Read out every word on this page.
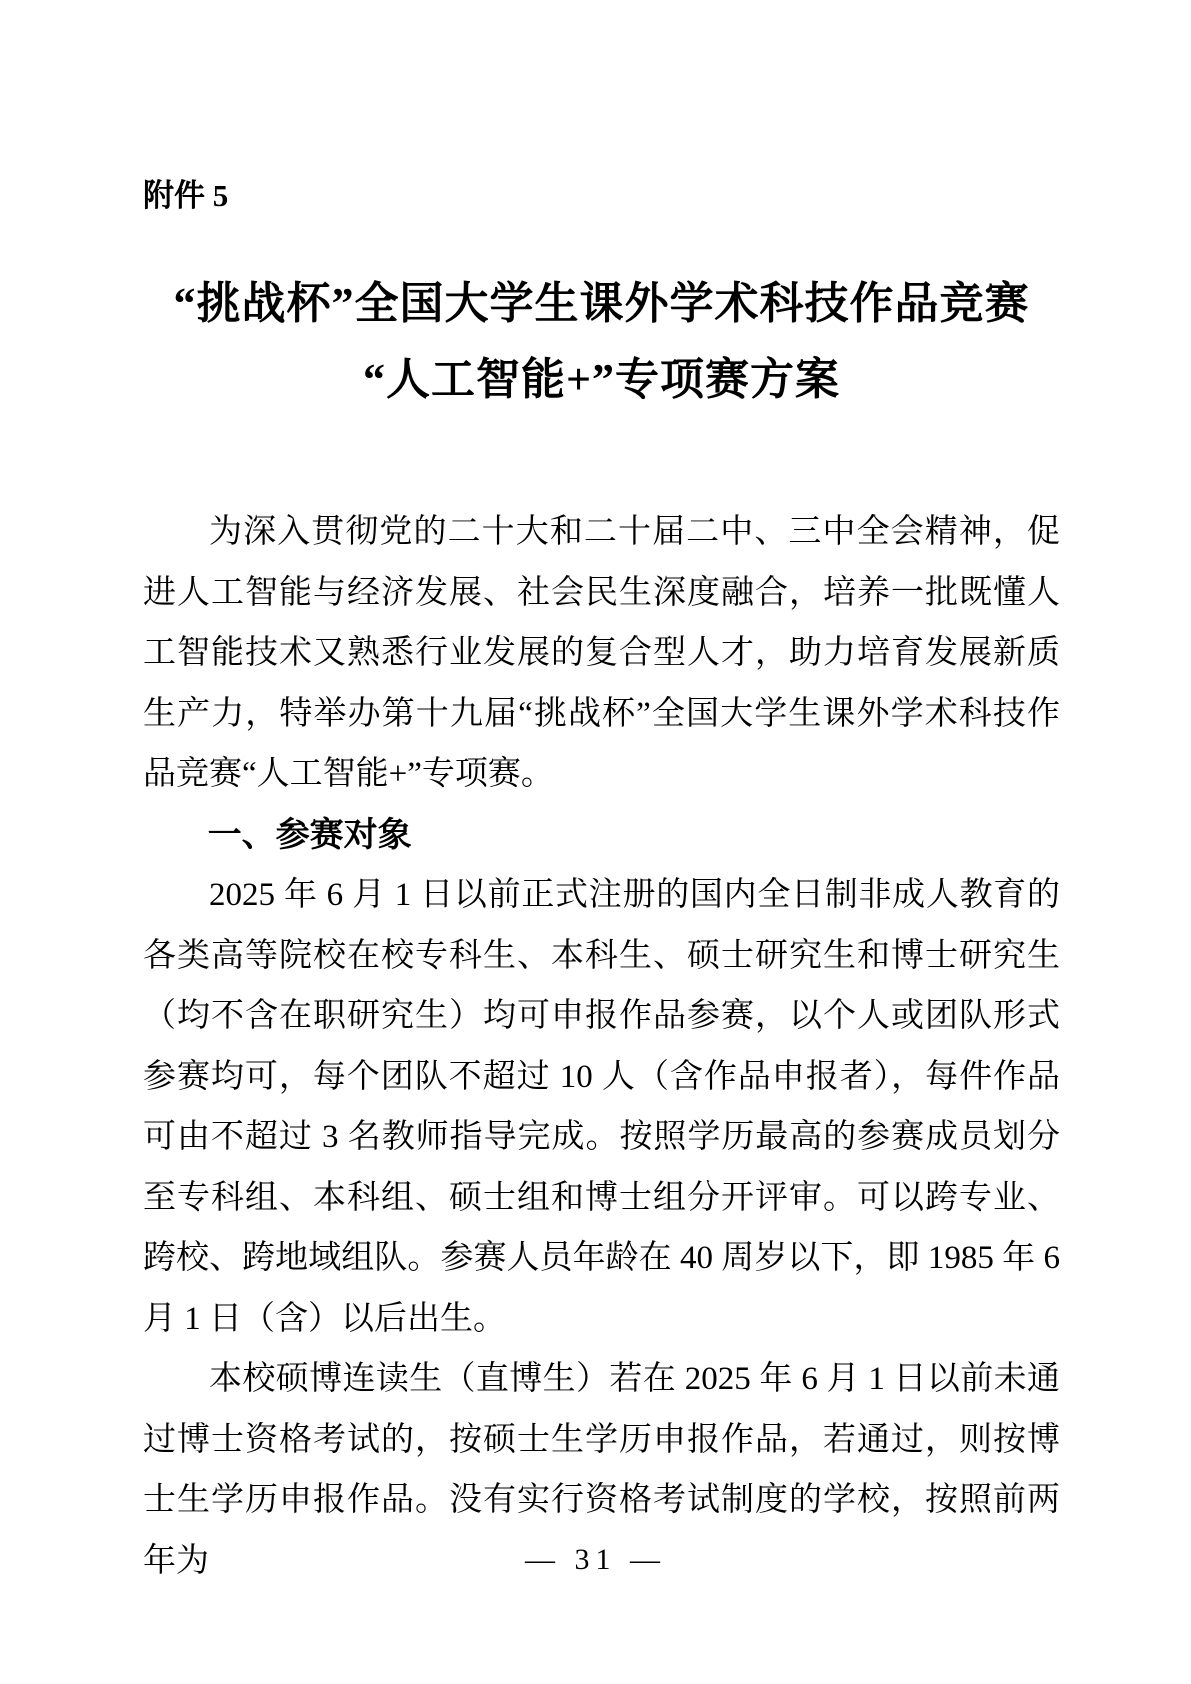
附件 5
“挑战杯”全国大学生课外学术科技作品竞赛
“人工智能+”专项赛方案

为深入贯彻党的二十大和二十届二中、三中全会精神，促进人工智能与经济发展、社会民生深度融合，培养一批既懂人工智能技术又熟悉行业发展的复合型人才，助力培育发展新质生产力，特举办第十九届“挑战杯”全国大学生课外学术科技作品竞赛“人工智能+”专项赛。

一、参赛对象

2025 年 6 月 1 日以前正式注册的国内全日制非成人教育的各类高等院校在校专科生、本科生、硕士研究生和博士研究生（均不含在职研究生）均可申报作品参赛，以个人或团队形式参赛均可，每个团队不超过 10 人（含作品申报者），每件作品可由不超过 3 名教师指导完成。按照学历最高的参赛成员划分至专科组、本科组、硕士组和博士组分开评审。可以跨专业、跨校、跨地域组队。参赛人员年龄在 40 周岁以下，即 1985 年 6 月 1 日（含）以后出生。

本校硕博连读生（直博生）若在 2025 年 6 月 1 日以前未通过博士资格考试的，按硕士生学历申报作品，若通过，则按博士生学历申报作品。没有实行资格考试制度的学校，按照前两年为	— 31 —
